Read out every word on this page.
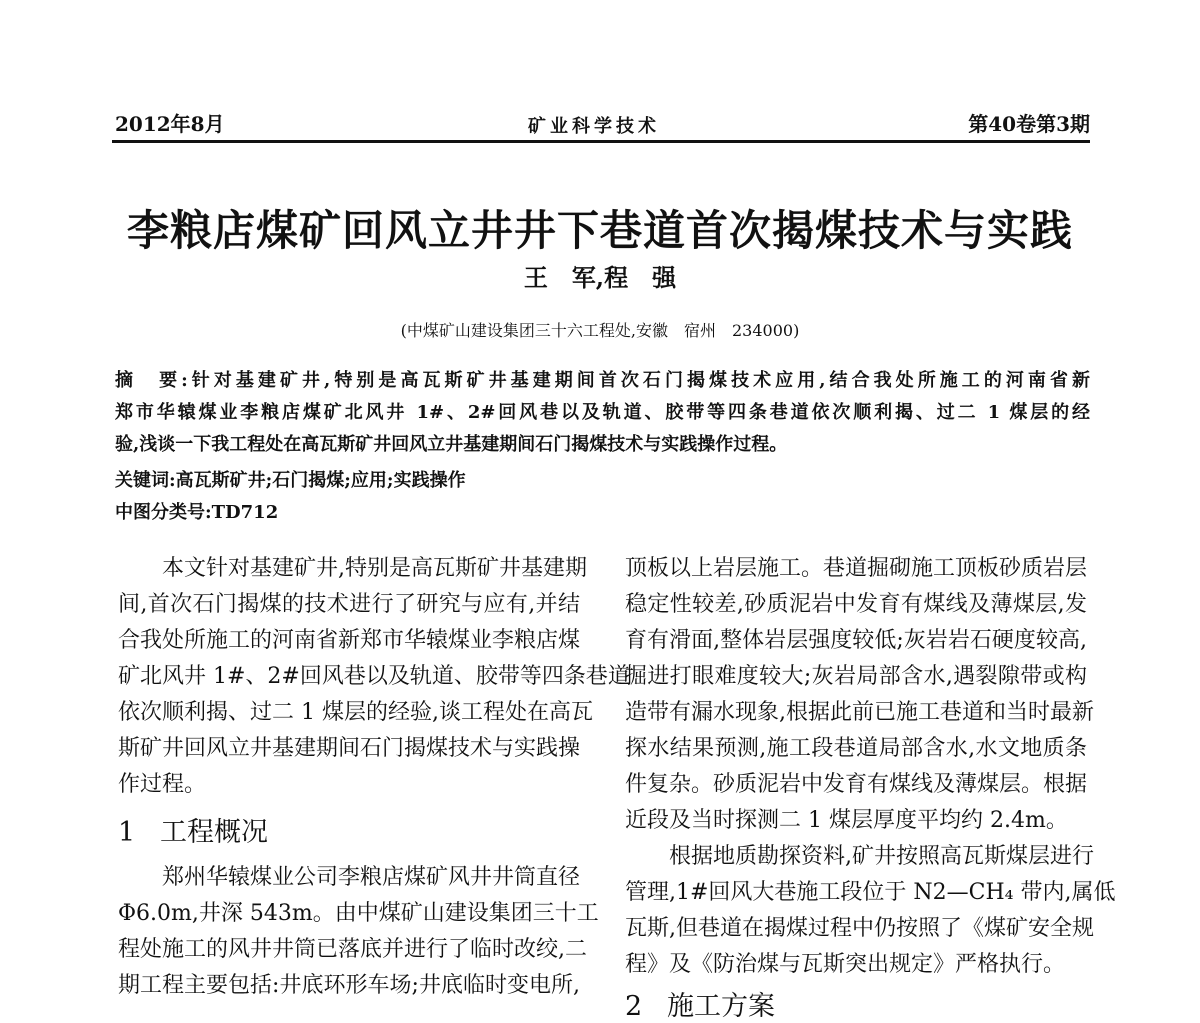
2012年8月	矿业科学技术	第40卷第3期
李粮店煤矿回风立井井下巷道首次揭煤技术与实践
王　军,程　强
(中煤矿山建设集团三十六工程处,安徽　宿州　234000)
摘　要:针对基建矿井,特别是高瓦斯矿井基建期间首次石门揭煤技术应用,结合我处所施工的河南省新
郑市华辕煤业李粮店煤矿北风井 1#、2#回风巷以及轨道、胶带等四条巷道依次顺利揭、过二 1 煤层的经
验,浅谈一下我工程处在高瓦斯矿井回风立井基建期间石门揭煤技术与实践操作过程。
关键词:高瓦斯矿井;石门揭煤;应用;实践操作
中图分类号:TD712
本文针对基建矿井,特别是高瓦斯矿井基建期
间,首次石门揭煤的技术进行了研究与应有,并结
合我处所施工的河南省新郑市华辕煤业李粮店煤
矿北风井 1#、2#回风巷以及轨道、胶带等四条巷道
依次顺利揭、过二 1 煤层的经验,谈工程处在高瓦
斯矿井回风立井基建期间石门揭煤技术与实践操
作过程。
1 工程概况
郑州华辕煤业公司李粮店煤矿风井井筒直径
Φ6.0m,井深 543m。由中煤矿山建设集团三十工
程处施工的风井井筒已落底并进行了临时改绞,二
期工程主要包括:井底环形车场;井底临时变电所,
顶板以上岩层施工。巷道掘砌施工顶板砂质岩层
稳定性较差,砂质泥岩中发育有煤线及薄煤层,发
育有滑面,整体岩层强度较低;灰岩岩石硬度较高,
掘进打眼难度较大;灰岩局部含水,遇裂隙带或构
造带有漏水现象,根据此前已施工巷道和当时最新
探水结果预测,施工段巷道局部含水,水文地质条
件复杂。砂质泥岩中发育有煤线及薄煤层。根据
近段及当时探测二 1 煤层厚度平均约 2.4m。
根据地质勘探资料,矿井按照高瓦斯煤层进行
管理,1#回风大巷施工段位于 N2—CH₄ 带内,属低
瓦斯,但巷道在揭煤过程中仍按照了《煤矿安全规
程》及《防治煤与瓦斯突出规定》严格执行。
2 施工方案
